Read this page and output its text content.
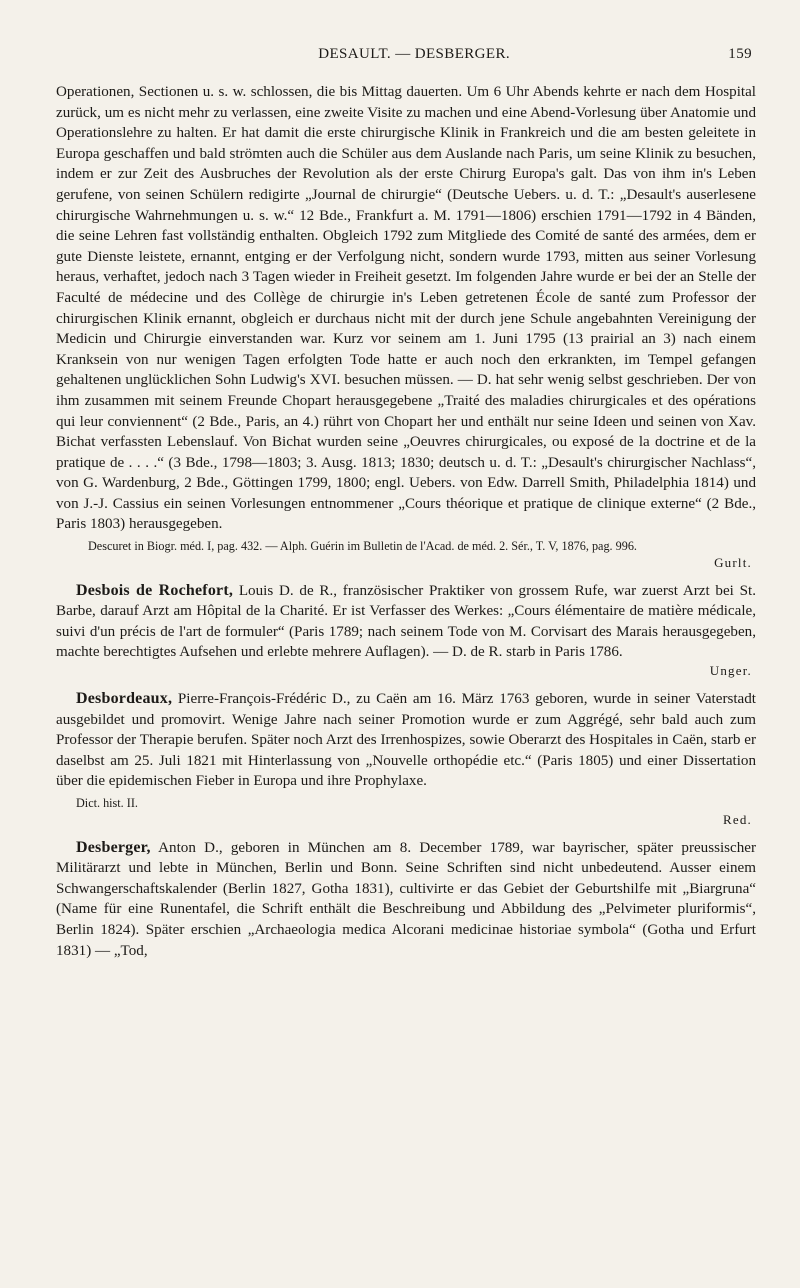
DESAULT. — DESBERGER.	159

Operationen, Sectionen u. s. w. schlossen, die bis Mittag dauerten. Um 6 Uhr Abends kehrte er nach dem Hospital zurück, um es nicht mehr zu verlassen, eine zweite Visite zu machen und eine Abend-Vorlesung über Anatomie und Operationslehre zu halten. Er hat damit die erste chirurgische Klinik in Frankreich und die am besten geleitete in Europa geschaffen und bald strömten auch die Schüler aus dem Auslande nach Paris, um seine Klinik zu besuchen, indem er zur Zeit des Ausbruches der Revolution als der erste Chirurg Europa's galt. Das von ihm in's Leben gerufene, von seinen Schülern redigirte „Journal de chirurgie“ (Deutsche Uebers. u. d. T.: „Desault's auserlesene chirurgische Wahrnehmungen u. s. w.“ 12 Bde., Frankfurt a. M. 1791—1806) erschien 1791—1792 in 4 Bänden, die seine Lehren fast vollständig enthalten. Obgleich 1792 zum Mitgliede des Comité de santé des armées, dem er gute Dienste leistete, ernannt, entging er der Verfolgung nicht, sondern wurde 1793, mitten aus seiner Vorlesung heraus, verhaftet, jedoch nach 3 Tagen wieder in Freiheit gesetzt. Im folgenden Jahre wurde er bei der an Stelle der Faculté de médecine und des Collège de chirurgie in's Leben getretenen École de santé zum Professor der chirurgischen Klinik ernannt, obgleich er durchaus nicht mit der durch jene Schule angebahnten Vereinigung der Medicin und Chirurgie einverstanden war. Kurz vor seinem am 1. Juni 1795 (13 prairial an 3) nach einem Kranksein von nur wenigen Tagen erfolgten Tode hatte er auch noch den erkrankten, im Tempel gefangen gehaltenen unglücklichen Sohn Ludwig's XVI. besuchen müssen. — D. hat sehr wenig selbst geschrieben. Der von ihm zusammen mit seinem Freunde Chopart herausgegebene „Traité des maladies chirurgicales et des opérations qui leur conviennent“ (2 Bde., Paris, an 4.) rührt von Chopart her und enthält nur seine Ideen und seinen von Xav. Bichat verfassten Lebenslauf. Von Bichat wurden seine „Oeuvres chirurgicales, ou exposé de la doctrine et de la pratique de . . . .“ (3 Bde., 1798—1803; 3. Ausg. 1813; 1830; deutsch u. d. T.: „Desault's chirurgischer Nachlass“, von G. Wardenburg, 2 Bde., Göttingen 1799, 1800; engl. Uebers. von Edw. Darrell Smith, Philadelphia 1814) und von J.-J. Cassius ein seinen Vorlesungen entnommener „Cours théorique et pratique de clinique externe“ (2 Bde., Paris 1803) herausgegeben.

Descuret in Biogr. méd. I, pag. 432. — Alph. Guérin im Bulletin de l'Acad. de méd. 2. Sér., T. V, 1876, pag. 996.

Gurlt.

Desbois de Rochefort, Louis D. de R., französischer Praktiker von grossem Rufe, war zuerst Arzt bei St. Barbe, darauf Arzt am Hôpital de la Charité. Er ist Verfasser des Werkes: „Cours élémentaire de matière médicale, suivi d'un précis de l'art de formuler“ (Paris 1789; nach seinem Tode von M. Corvisart des Marais herausgegeben, machte berechtigtes Aufsehen und erlebte mehrere Auflagen). — D. de R. starb in Paris 1786.

Unger.

Desbordeaux, Pierre-François-Frédéric D., zu Caën am 16. März 1763 geboren, wurde in seiner Vaterstadt ausgebildet und promovirt. Wenige Jahre nach seiner Promotion wurde er zum Aggrégé, sehr bald auch zum Professor der Therapie berufen. Später noch Arzt des Irrenhospizes, sowie Oberarzt des Hospitales in Caën, starb er daselbst am 25. Juli 1821 mit Hinterlassung von „Nouvelle orthopédie etc.“ (Paris 1805) und einer Dissertation über die epidemischen Fieber in Europa und ihre Prophylaxe.

Dict. hist. II.

Red.

Desberger, Anton D., geboren in München am 8. December 1789, war bayrischer, später preussischer Militärarzt und lebte in München, Berlin und Bonn. Seine Schriften sind nicht unbedeutend. Ausser einem Schwangerschaftskalender (Berlin 1827, Gotha 1831), cultivirte er das Gebiet der Geburtshilfe mit „Biargruna“ (Name für eine Runentafel, die Schrift enthält die Beschreibung und Abbildung des „Pelvimeter pluriformis“, Berlin 1824). Später erschien „Archaeologia medica Alcorani medicinae historiae symbola“ (Gotha und Erfurt 1831) — „Tod,
